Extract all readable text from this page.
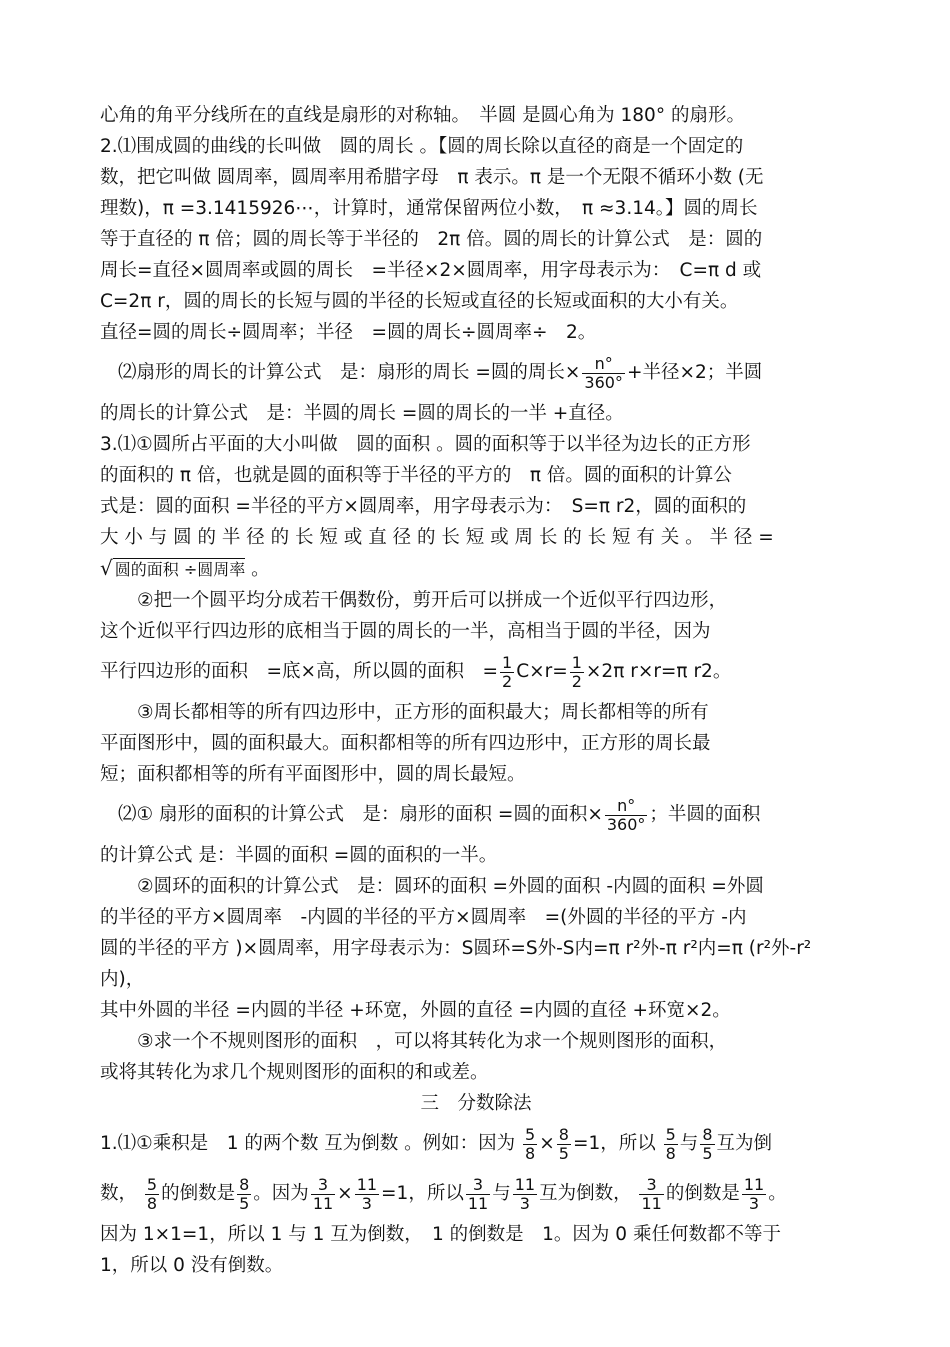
心角的角平分线所在的直线是扇形的对称轴。　半圆 是圆心角为 180° 的扇形。

2.⑴围成圆的曲线的长叫做　圆的周长 。【圆的周长除以直径的商是一个固定的

数，把它叫做 圆周率，圆周率用希腊字母　π 表示。π 是一个无限不循环小数 (无

理数)，π =3.1415926⋯，计算时，通常保留两位小数，　π ≈3.14。】圆的周长

等于直径的 π 倍；圆的周长等于半径的　2π 倍。圆的周长的计算公式　是：圆的

周长=直径×圆周率或圆的周长　=半径×2×圆周率，用字母表示为：　C=π d 或

C=2π r，圆的周长的长短与圆的半径的长短或直径的长短或面积的大小有关。

直径=圆的周长÷圆周率；半径　=圆的周长÷圆周率÷　2。

⑵扇形的周长的计算公式　是：扇形的周长 =圆的周长× $\frac{n^\circ}{360^\circ}$ +半径×2；半圆

的周长的计算公式　是：半圆的周长 =圆的周长的一半 +直径。

3.⑴①圆所占平面的大小叫做　圆的面积 。圆的面积等于以半径为边长的正方形

的面积的 π 倍，也就是圆的面积等于半径的平方的　π 倍。圆的面积的计算公

式是：圆的面积 =半径的平方×圆周率，用字母表示为：　S=π r2，圆的面积的

大 小 与 圆 的 半 径 的 长 短 或 直 径 的 长 短 或 周 长 的 长 短 有 关 。 半 径 =

√ 圆的面积 ÷圆周率 。

②把一个圆平均分成若干偶数份，剪开后可以拼成一个近似平行四边形，

这个近似平行四边形的底相当于圆的周长的一半，高相当于圆的半径，因为

平行四边形的面积　=底×高，所以圆的面积　= $\frac{1}{2} C\times r= \frac{1}{2} \times 2\pi$ r×r=π r2。

③周长都相等的所有四边形中，正方形的面积最大；周长都相等的所有

平面图形中，圆的面积最大。面积都相等的所有四边形中，正方形的周长最

短；面积都相等的所有平面图形中，圆的周长最短。

⑵① 扇形的面积的计算公式　是：扇形的面积 =圆的面积× $\frac{n^\circ}{360^\circ}$ ；半圆的面积

的计算公式 是：半圆的面积 =圆的面积的一半。

②圆环的面积的计算公式　是：圆环的面积 =外圆的面积 -内圆的面积 =外圆

的半径的平方×圆周率　-内圆的半径的平方×圆周率　=(外圆的半径的平方 -内

圆的半径的平方 )×圆周率，用字母表示为：S圆环=S外-S内=π r²外-π r²内=π (r²外-r²内)，

其中外圆的半径 =内圆的半径 +环宽，外圆的直径 =内圆的直径 +环宽×2。

③求一个不规则图形的面积　，可以将其转化为求一个规则图形的面积，

或将其转化为求几个规则图形的面积的和或差。

三　分数除法

1.⑴①乘积是　1 的两个数 互为倒数 。例如：因为 $\frac{5}{8} \times \frac{8}{5} =1$，所以 $\frac{5}{8}$ 与 $\frac{8}{5}$ 互为倒

数， $\frac{5}{8}$ 的倒数是 $\frac{8}{5}$ 。因为 $\frac{3}{11} \times \frac{11}{3} =1$，所以 $\frac{3}{11}$ 与 $\frac{11}{3}$ 互为倒数， $\frac{3}{11}$ 的倒数是 $\frac{11}{3}$ 。

因为 1×1=1，所以 1 与 1 互为倒数，　1 的倒数是　1。因为 0 乘任何数都不等于

1，所以 0 没有倒数。
